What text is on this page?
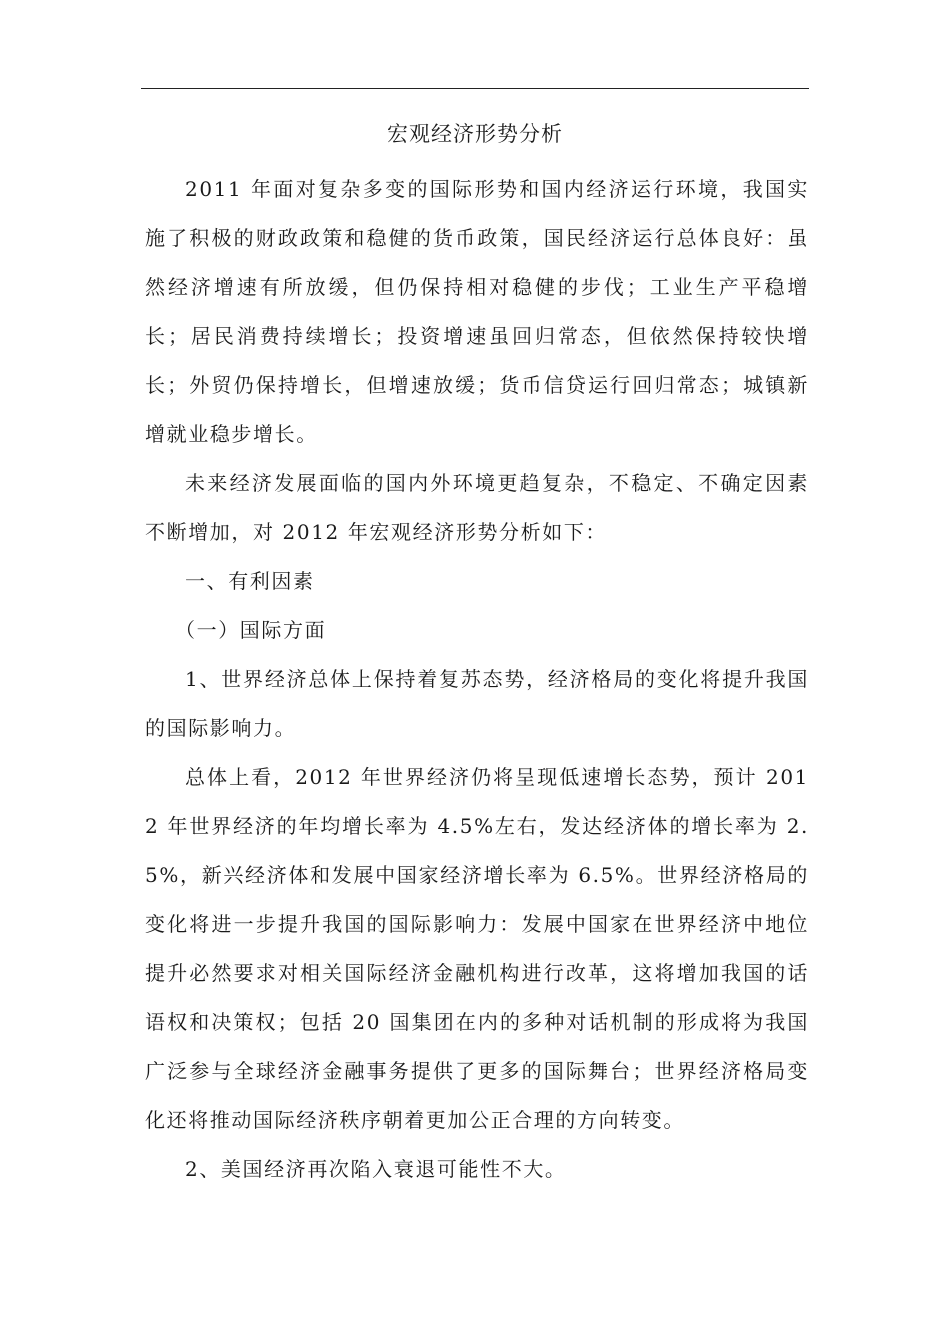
宏观经济形势分析

2011 年面对复杂多变的国际形势和国内经济运行环境，我国实施了积极的财政政策和稳健的货币政策，国民经济运行总体良好：虽然经济增速有所放缓，但仍保持相对稳健的步伐；工业生产平稳增长；居民消费持续增长；投资增速虽回归常态，但依然保持较快增长；外贸仍保持增长，但增速放缓；货币信贷运行回归常态；城镇新增就业稳步增长。

未来经济发展面临的国内外环境更趋复杂，不稳定、不确定因素不断增加，对 2012 年宏观经济形势分析如下：

一、有利因素

（一）国际方面

1、世界经济总体上保持着复苏态势，经济格局的变化将提升我国的国际影响力。

总体上看，2012 年世界经济仍将呈现低速增长态势，预计 2012 年世界经济的年均增长率为 4.5%左右，发达经济体的增长率为 2.5%，新兴经济体和发展中国家经济增长率为 6.5%。世界经济格局的变化将进一步提升我国的国际影响力：发展中国家在世界经济中地位提升必然要求对相关国际经济金融机构进行改革，这将增加我国的话语权和决策权；包括 20 国集团在内的多种对话机制的形成将为我国广泛参与全球经济金融事务提供了更多的国际舞台；世界经济格局变化还将推动国际经济秩序朝着更加公正合理的方向转变。

2、美国经济再次陷入衰退可能性不大。
